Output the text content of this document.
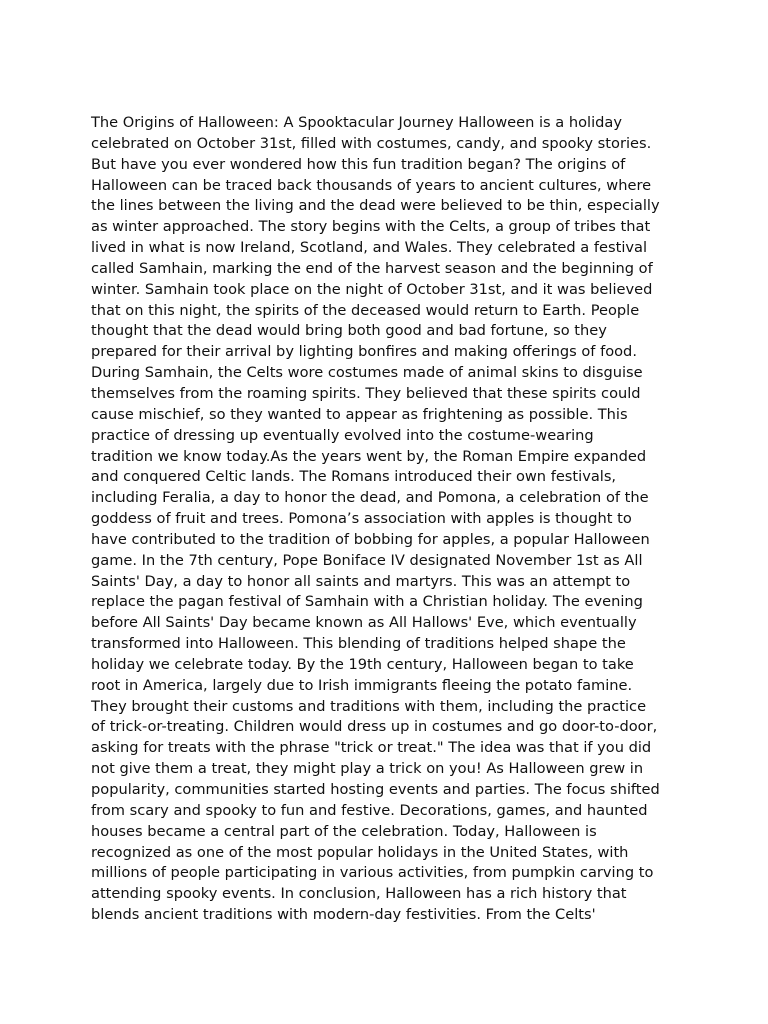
The Origins of Halloween: A Spooktacular Journey Halloween is a holiday
celebrated on October 31st, filled with costumes, candy, and spooky stories.
But have you ever wondered how this fun tradition began? The origins of
Halloween can be traced back thousands of years to ancient cultures, where
the lines between the living and the dead were believed to be thin, especially
as winter approached. The story begins with the Celts, a group of tribes that
lived in what is now Ireland, Scotland, and Wales. They celebrated a festival
called Samhain, marking the end of the harvest season and the beginning of
winter. Samhain took place on the night of October 31st, and it was believed
that on this night, the spirits of the deceased would return to Earth. People
thought that the dead would bring both good and bad fortune, so they
prepared for their arrival by lighting bonfires and making offerings of food.
During Samhain, the Celts wore costumes made of animal skins to disguise
themselves from the roaming spirits. They believed that these spirits could
cause mischief, so they wanted to appear as frightening as possible. This
practice of dressing up eventually evolved into the costume-wearing
tradition we know today.As the years went by, the Roman Empire expanded
and conquered Celtic lands. The Romans introduced their own festivals,
including Feralia, a day to honor the dead, and Pomona, a celebration of the
goddess of fruit and trees. Pomona’s association with apples is thought to
have contributed to the tradition of bobbing for apples, a popular Halloween
game. In the 7th century, Pope Boniface IV designated November 1st as All
Saints' Day, a day to honor all saints and martyrs. This was an attempt to
replace the pagan festival of Samhain with a Christian holiday. The evening
before All Saints' Day became known as All Hallows' Eve, which eventually
transformed into Halloween. This blending of traditions helped shape the
holiday we celebrate today. By the 19th century, Halloween began to take
root in America, largely due to Irish immigrants fleeing the potato famine.
They brought their customs and traditions with them, including the practice
of trick-or-treating. Children would dress up in costumes and go door-to-door,
asking for treats with the phrase "trick or treat." The idea was that if you did
not give them a treat, they might play a trick on you! As Halloween grew in
popularity, communities started hosting events and parties. The focus shifted
from scary and spooky to fun and festive. Decorations, games, and haunted
houses became a central part of the celebration. Today, Halloween is
recognized as one of the most popular holidays in the United States, with
millions of people participating in various activities, from pumpkin carving to
attending spooky events. In conclusion, Halloween has a rich history that
blends ancient traditions with modern-day festivities. From the Celts'
